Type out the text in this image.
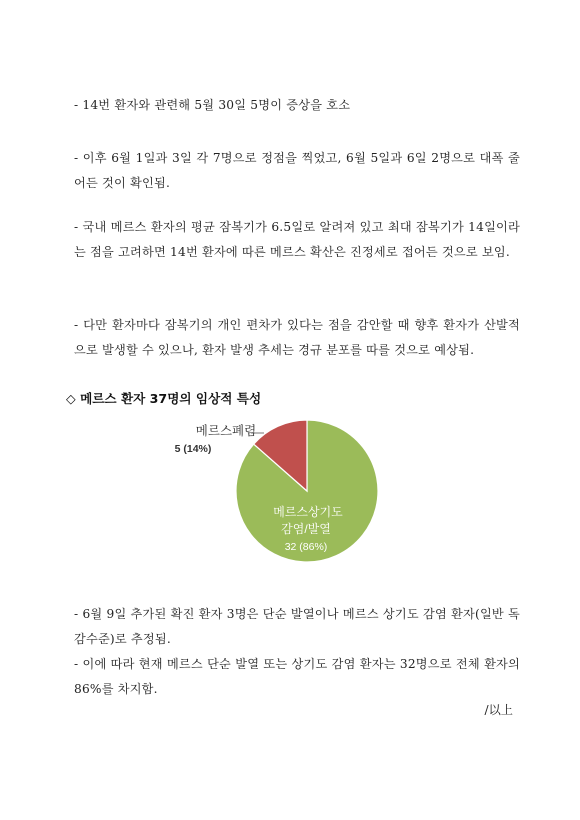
- 14번 환자와 관련해 5월 30일 5명이 증상을 호소
- 이후 6월 1일과 3일 각 7명으로 정점을 찍었고, 6월 5일과 6일 2명으로 대폭 줄어든 것이 확인됨.
- 국내 메르스 환자의 평균 잠복기가 6.5일로 알려져 있고 최대 잠복기가 14일이라는 점을 고려하면 14번 환자에 따른 메르스 확산은 진정세로 접어든 것으로 보임.
- 다만 환자마다 잠복기의 개인 편차가 있다는 점을 감안할 때 향후 환자가 산발적으로 발생할 수 있으나, 환자 발생 추세는 경규 분포를 따를 것으로 예상됨.
◇ 메르스 환자 37명의 임상적 특성
메르스폐렴
5 (14%)
메르스상기도
감염/발열
32 (86%)
- 6월 9일 추가된 확진 환자 3명은 단순 발열이나 메르스 상기도 감염 환자(일반 독감수준)로 추정됨.
- 이에 따라 현재 메르스 단순 발열 또는 상기도 감염 환자는 32명으로 전체 환자의 86%를 차지함.
/以上
